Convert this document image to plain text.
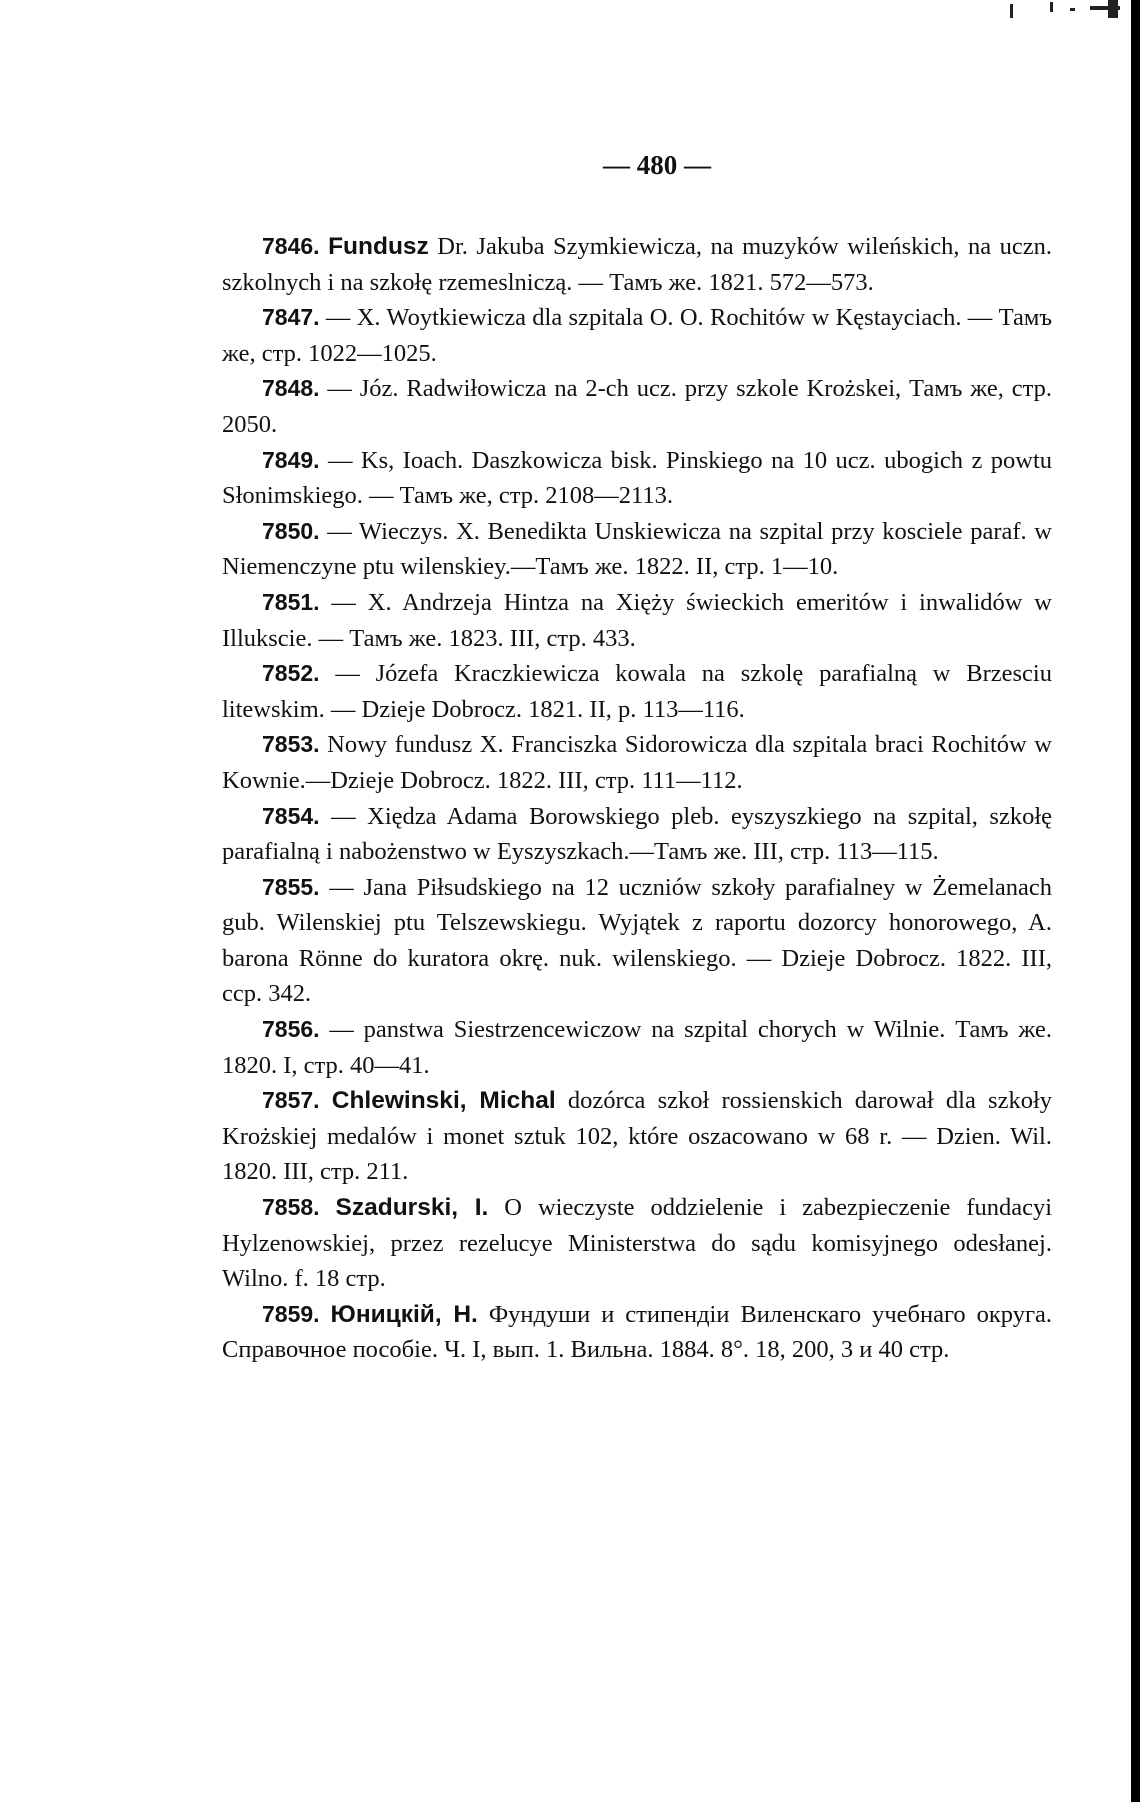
— 480 —

7846. Fundusz Dr. Jakuba Szymkiewicza, na muzyków wileńskich, na uczn. szkolnych i na szkołę rzemeslniczą. — Тамъ же. 1821. 572—573.

7847. — X. Woytkiewicza dla szpitala O. O. Rochitów w Kęstayciach. — Тамъ же, стр. 1022—1025.

7848. — Józ. Radwiłowicza na 2-ch ucz. przy szkole Krożskei, Тамъ же, стр. 2050.

7849. — Ks, Ioach. Daszkowicza bisk. Pinskiego na 10 ucz. ubogich z powtu Słonimskiego. — Тамъ же, стр. 2108—2113.

7850. — Wieczys. X. Benedikta Unskiewicza na szpital przy kosciele paraf. w Niemenczyne ptu wilenskiey.—Тамъ же. 1822. II, стр. 1—10.

7851. — X. Andrzeja Hintza na Xięży świeckich emeritów i inwalidów w Illukscie. — Тамъ же. 1823. III, стр. 433.

7852. — Józefa Kraczkiewicza kowala na szkolę parafialną w Brzesciu litewskim. — Dzieje Dobrocz. 1821. II, p. 113—116.

7853. Nowy fundusz X. Franciszka Sidorowicza dla szpitala braci Rochitów w Kownie.—Dzieje Dobrocz. 1822. III, стр. 111—112.

7854. — Xiędza Adama Borowskiego pleb. eyszyszkiego na szpital, szkołę parafialną i nabożenstwo w Eyszyszkach.—Тамъ же. III, стр. 113—115.

7855. — Jana Piłsudskiego na 12 uczniów szkoły parafialney w Żemelanach gub. Wilenskiej ptu Telszewskiegu. Wyjątek z raportu dozorcy honorowego, A. barona Rönne do kuratora okrę. nuk. wilenskiego. — Dzieje Dobrocz. 1822. III, сср. 342.

7856. — panstwa Siestrzencewiczow na szpital chorych w Wilnie. Тамъ же. 1820. I, стр. 40—41.

7857. Chlewinski, Michal dozórca szkoł rossienskich darował dla szkoły Krożskiej medalów i monet sztuk 102, które oszacowano w 68 r. — Dzien. Wil. 1820. III, стр. 211.

7858. Szadurski, I. O wieczyste oddzielenie i zabezpieczenie fundacyi Hylzenowskiej, przez rezelucye Ministerstwa do sądu komisyjnego odesłanej. Wilno. f. 18 стр.

7859. Юницкій, Н. Фундуши и стипендіи Виленскаго учебнаго округа. Справочное пособіе. Ч. I, вып. 1. Вильна. 1884. 8°. 18, 200, 3 и 40 стр.
